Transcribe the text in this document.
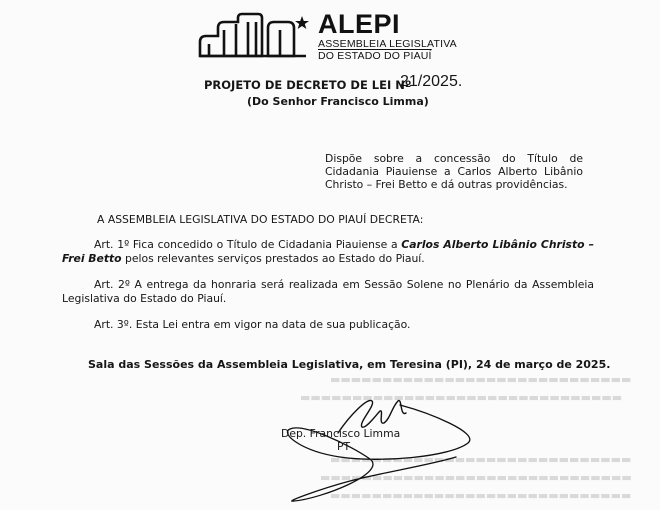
▬▬▬▬▬▬▬▬▬▬▬▬▬▬▬▬▬▬▬▬▬▬▬▬▬▬▬▬▬
▬▬▬▬▬▬▬▬▬▬▬▬▬▬▬▬▬▬▬▬▬▬▬▬▬▬▬▬▬▬▬
▬▬▬▬▬▬▬▬▬▬▬▬▬▬▬▬▬▬▬▬▬▬▬▬▬▬▬▬▬
▬▬▬▬▬▬▬▬▬▬▬▬▬▬▬▬▬▬▬▬▬▬▬▬▬▬▬▬▬▬
▬▬▬▬▬▬▬▬▬▬▬▬▬▬▬▬▬▬▬▬▬▬▬▬▬▬▬▬▬
ALEPI
ASSEMBLEIA LEGISLATIVA
DO ESTADO DO PIAUÍ
PROJETO DE DECRETO DE LEI Nº
21/2025.
(Do Senhor Francisco Limma)
Dispõe sobre a concessão do Título de Cidadania Piauiense a Carlos Alberto Libânio Christo – Frei Betto e dá outras providências.
A ASSEMBLEIA LEGISLATIVA DO ESTADO DO PIAUÍ DECRETA:
Art. 1º Fica concedido o Título de Cidadania Piauiense a Carlos Alberto Libânio Christo – Frei Betto pelos relevantes serviços prestados ao Estado do Piauí.
Art. 2º A entrega da honraria será realizada em Sessão Solene no Plenário da Assembleia Legislativa do Estado do Piauí.
Art. 3º. Esta Lei entra em vigor na data de sua publicação.
Sala das Sessões da Assembleia Legislativa, em Teresina (PI), 24 de março de 2025.
Dep. Francisco Limma
PT
